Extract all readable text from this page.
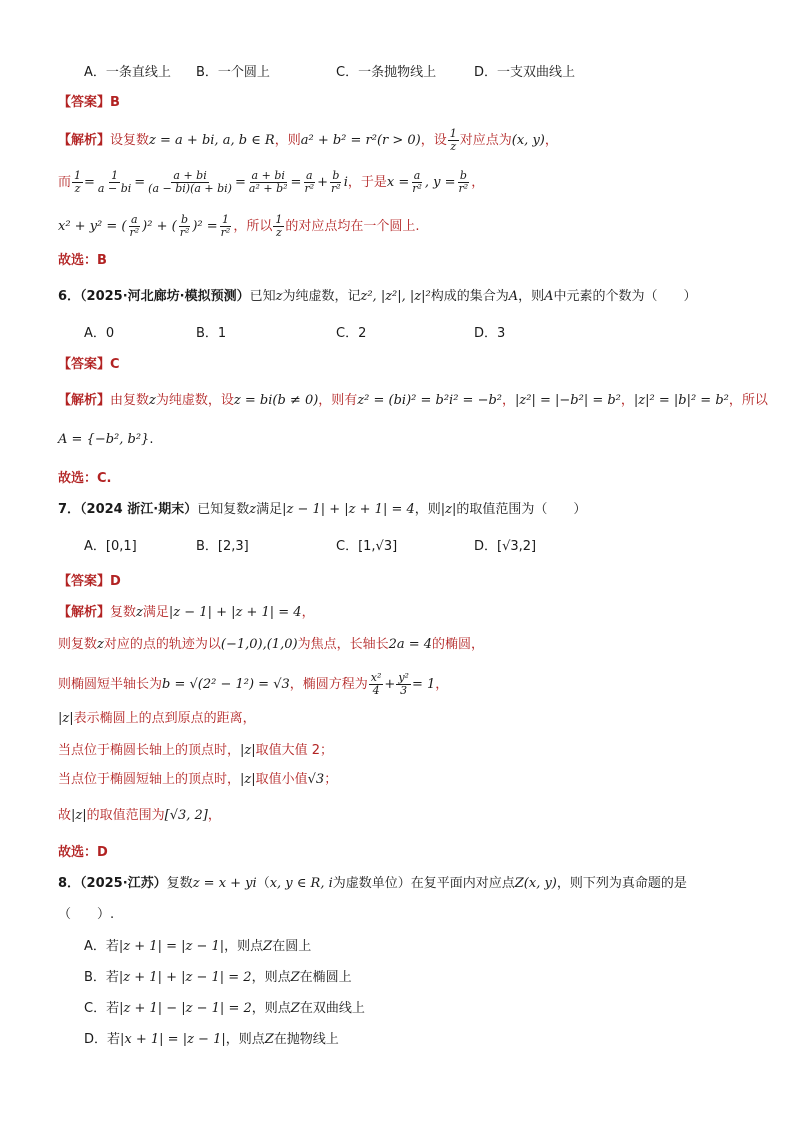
A．一条直线上 B．一个圆上	C．一条抛物线上	D．一支双曲线上
【答案】B
【解析】设复数z = a + bi, a, b ∈ R，则a² + b² = r²(r > 0)，设 $\frac{1}{z}$ 对应点为(x, y)，
而 $\frac{1}{z} = \frac{1}{a - bi} = \frac{a + bi}{(a - bi)(a + bi)} = \frac{a + bi}{\text{a² + b²}} = \frac{a}{\text{r²}} + \frac{b}{\text{r²}}$ i，于是$x = \frac{a}{\text{r²}}$ , $y = \frac{b}{\text{r²}}$ ，
x² + y² = ( $\frac{a}{\text{r²}} )^2$ + ( $\frac{b}{\text{r²}} )^2 = \frac{1}{\text{r²}}$ ，所以 $\frac{1}{z}$ 的对应点均在一个圆上.
故选：B
6．（2025·河北廊坊·模拟预测）已知z为纯虚数，记z², |z²|, |z|²构成的集合为A，则A中元素的个数为（　　）
A．0	B．1	C．2	D．3
【答案】C
【解析】由复数z为纯虚数，设z = bi(b ≠ 0)，则有z² = (bi)² = b²i² = −b²，|z²| = |−b²| = b²，|z|² = |b|² = b²，所以
A = {−b², b²}.
故选：C.
7．（2024 浙江·期末）已知复数z满足|z − 1| + |z + 1| = 4，则|z|的取值范围为（　　）
A．[0,1]	B．[2,3]	C．[1,√3]	D．[√3,2]
【答案】D
【解析】复数z满足|z − 1| + |z + 1| = 4，
则复数z对应的点的轨迹为以(−1,0),(1,0)为焦点，长轴长2a = 4的椭圆，
则椭圆短半轴长为b = √(2² − 1²) = √3，椭圆方程为 $\frac{\text{x²}}{4} + \frac{\text{y²}}{3} = 1$，
|z|表示椭圆上的点到原点的距离，
当点位于椭圆长轴上的顶点时，|z|取值大值 2；
当点位于椭圆短轴上的顶点时，|z|取值小值√3；
故|z|的取值范围为[√3, 2]，
故选：D
8．（2025·江苏）复数z = x + yi（x, y ∈ R, i为虚数单位）在复平面内对应点Z(x, y)，则下列为真命题的是
（　　）.
A．若|z + 1| = |z − 1|，则点Z在圆上
B．若|z + 1| + |z − 1| = 2，则点Z在椭圆上
C．若|z + 1| − |z − 1| = 2，则点Z在双曲线上
D．若|x + 1| = |z − 1|，则点Z在抛物线上
